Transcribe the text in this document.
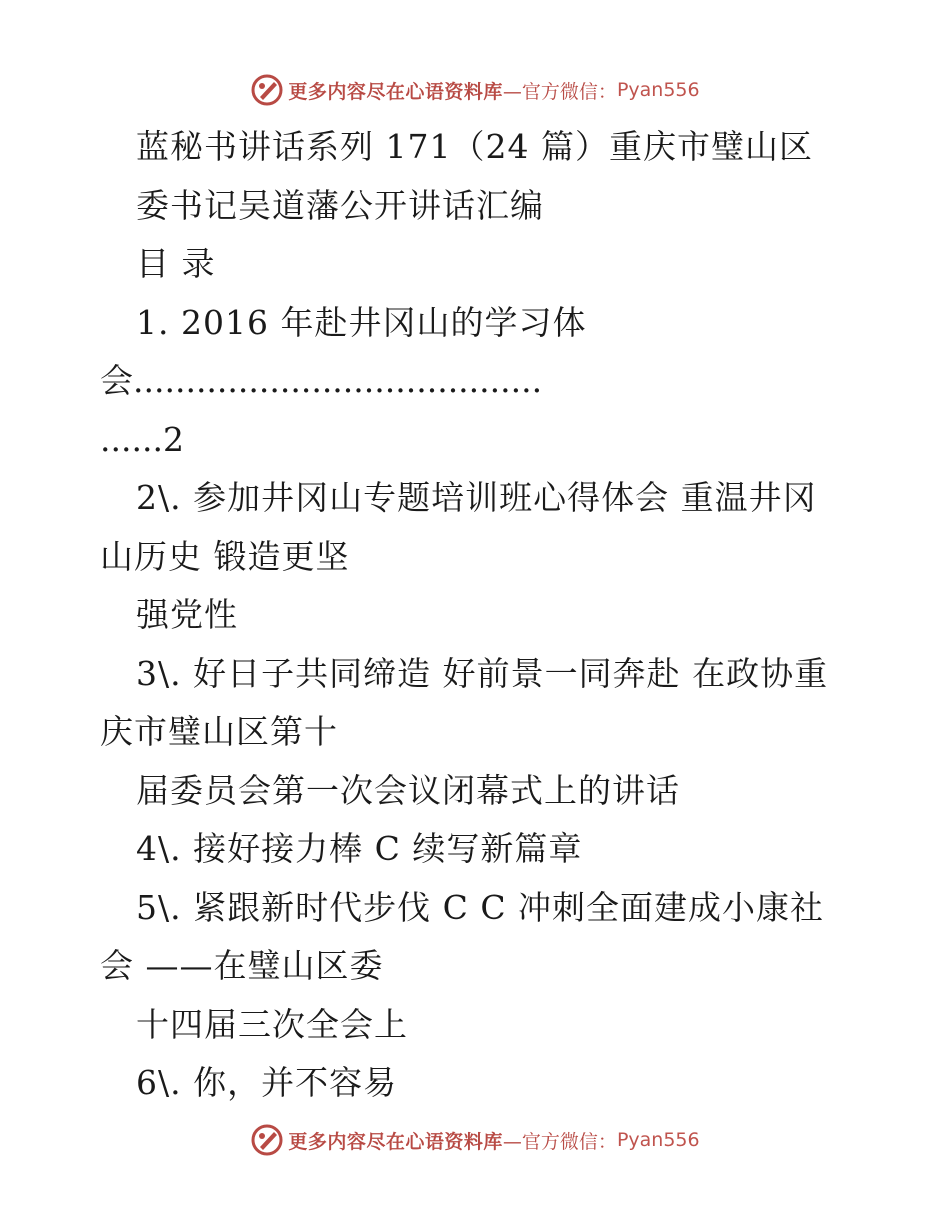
更多内容尽在心语资料库 —官方微信： Pyan556
蓝秘书讲话系列 171（24 篇）重庆市璧山区
委书记吴道藩公开讲话汇编
目 录
1. 2016 年赴井冈山的学习体
会.......................................
......2
2\. 参加井冈山专题培训班心得体会 重温井冈
山历史 锻造更坚
强党性
3\. 好日子共同缔造 好前景一同奔赴 在政协重
庆市璧山区第十
届委员会第一次会议闭幕式上的讲话
4\. 接好接力棒 C 续写新篇章
5\. 紧跟新时代步伐 C C 冲刺全面建成小康社
会 ——在璧山区委
十四届三次全会上
6\. 你，并不容易
更多内容尽在心语资料库 —官方微信： Pyan556
